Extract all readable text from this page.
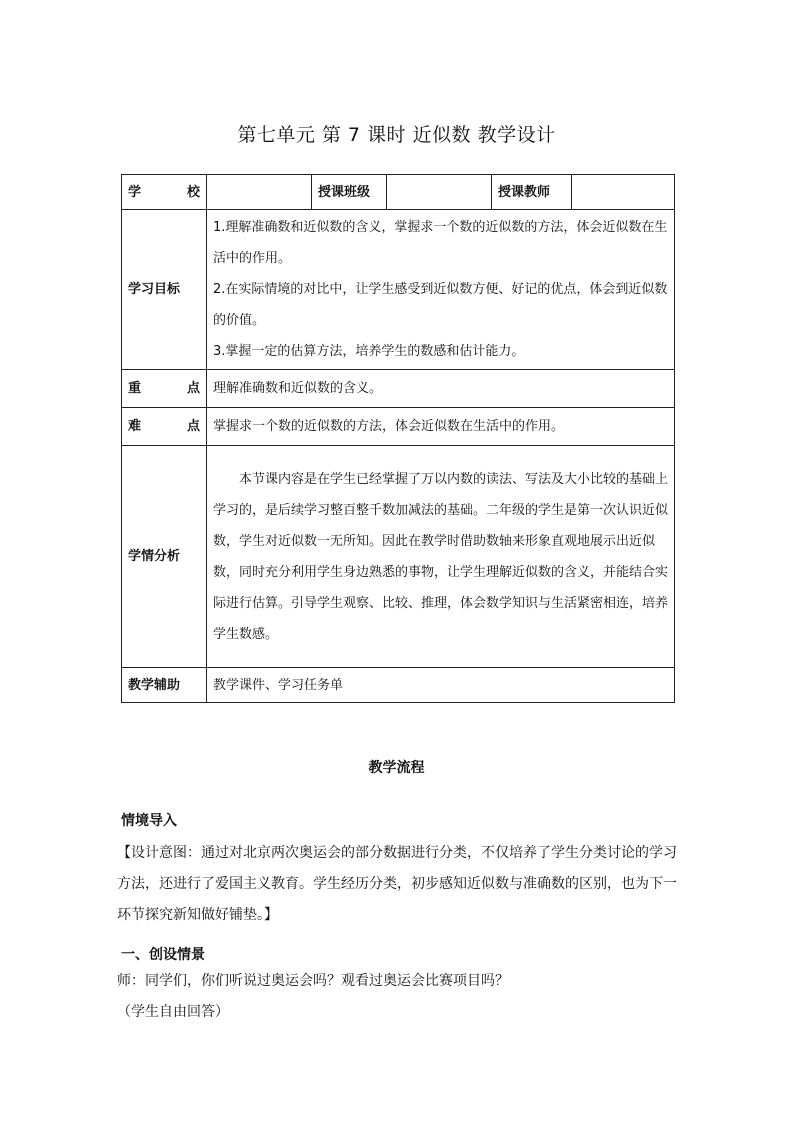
第七单元 第 7 课时 近似数 教学设计
学 校		授课班级		授课教师	
学习目标	1.理解准确数和近似数的含义，掌握求一个数的近似数的方法，体会近似数在生活中的作用。

2.在实际情境的对比中，让学生感受到近似数方便、好记的优点，体会到近似数的价值。

3.掌握一定的估算方法，培养学生的数感和估计能力。				

重 点	理解准确数和近似数的含义。				
难 点	掌握求一个数的近似数的方法，体会近似数在生活中的作用。				
学情分析	本节课内容是在学生已经掌握了万以内数的读法、写法及大小比较的基础上学习的，是后续学习整百整千数加减法的基础。二年级的学生是第一次认识近似数，学生对近似数一无所知。因此在教学时借助数轴来形象直观地展示出近似数，同时充分利用学生身边熟悉的事物，让学生理解近似数的含义，并能结合实际进行估算。引导学生观察、比较、推理，体会数学知识与生活紧密相连，培养学生数感。				

教学辅助	教学课件、学习任务单				
教学流程
情境导入

【设计意图：通过对北京两次奥运会的部分数据进行分类，不仅培养了学生分类讨论的学习方法，还进行了爱国主义教育。学生经历分类，初步感知近似数与准确数的区别，也为下一环节探究新知做好铺垫。】

一、创设情景

师：同学们，你们听说过奥运会吗？观看过奥运会比赛项目吗？

（学生自由回答）
